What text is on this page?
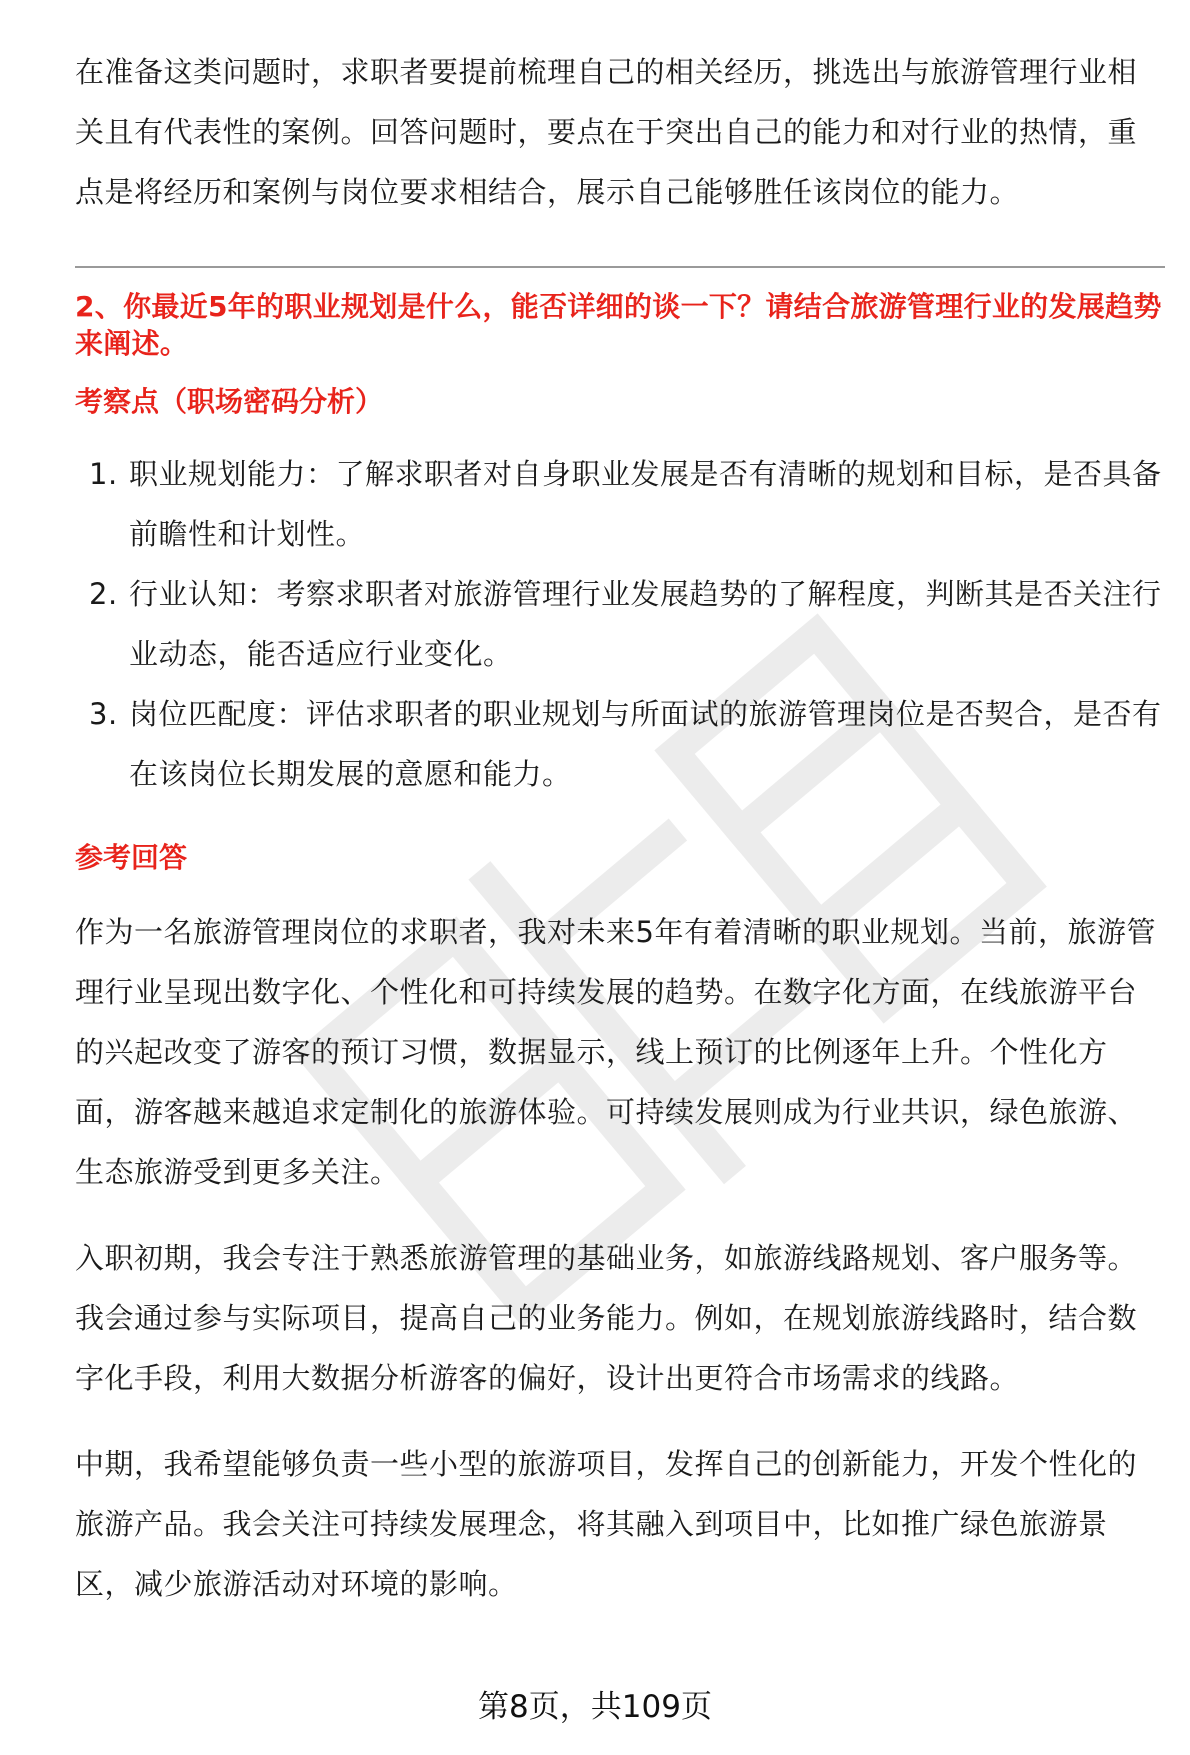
在准备这类问题时，求职者要提前梳理自己的相关经历，挑选出与旅游管理行业相关且有代表性的案例。回答问题时，要点在于突出自己的能力和对行业的热情，重点是将经历和案例与岗位要求相结合，展示自己能够胜任该岗位的能力。

2、你最近5年的职业规划是什么，能否详细的谈一下？请结合旅游管理行业的发展趋势来阐述。

考察点（职场密码分析）

1. 职业规划能力：了解求职者对自身职业发展是否有清晰的规划和目标，是否具备前瞻性和计划性。
2. 行业认知：考察求职者对旅游管理行业发展趋势的了解程度，判断其是否关注行业动态，能否适应行业变化。
3. 岗位匹配度：评估求职者的职业规划与所面试的旅游管理岗位是否契合，是否有在该岗位长期发展的意愿和能力。

参考回答

作为一名旅游管理岗位的求职者，我对未来5年有着清晰的职业规划。当前，旅游管理行业呈现出数字化、个性化和可持续发展的趋势。在数字化方面，在线旅游平台的兴起改变了游客的预订习惯，数据显示，线上预订的比例逐年上升。个性化方面，游客越来越追求定制化的旅游体验。可持续发展则成为行业共识，绿色旅游、生态旅游受到更多关注。

入职初期，我会专注于熟悉旅游管理的基础业务，如旅游线路规划、客户服务等。我会通过参与实际项目，提高自己的业务能力。例如，在规划旅游线路时，结合数字化手段，利用大数据分析游客的偏好，设计出更符合市场需求的线路。

中期，我希望能够负责一些小型的旅游项目，发挥自己的创新能力，开发个性化的旅游产品。我会关注可持续发展理念，将其融入到项目中，比如推广绿色旅游景区，减少旅游活动对环境的影响。

第8页，共109页
